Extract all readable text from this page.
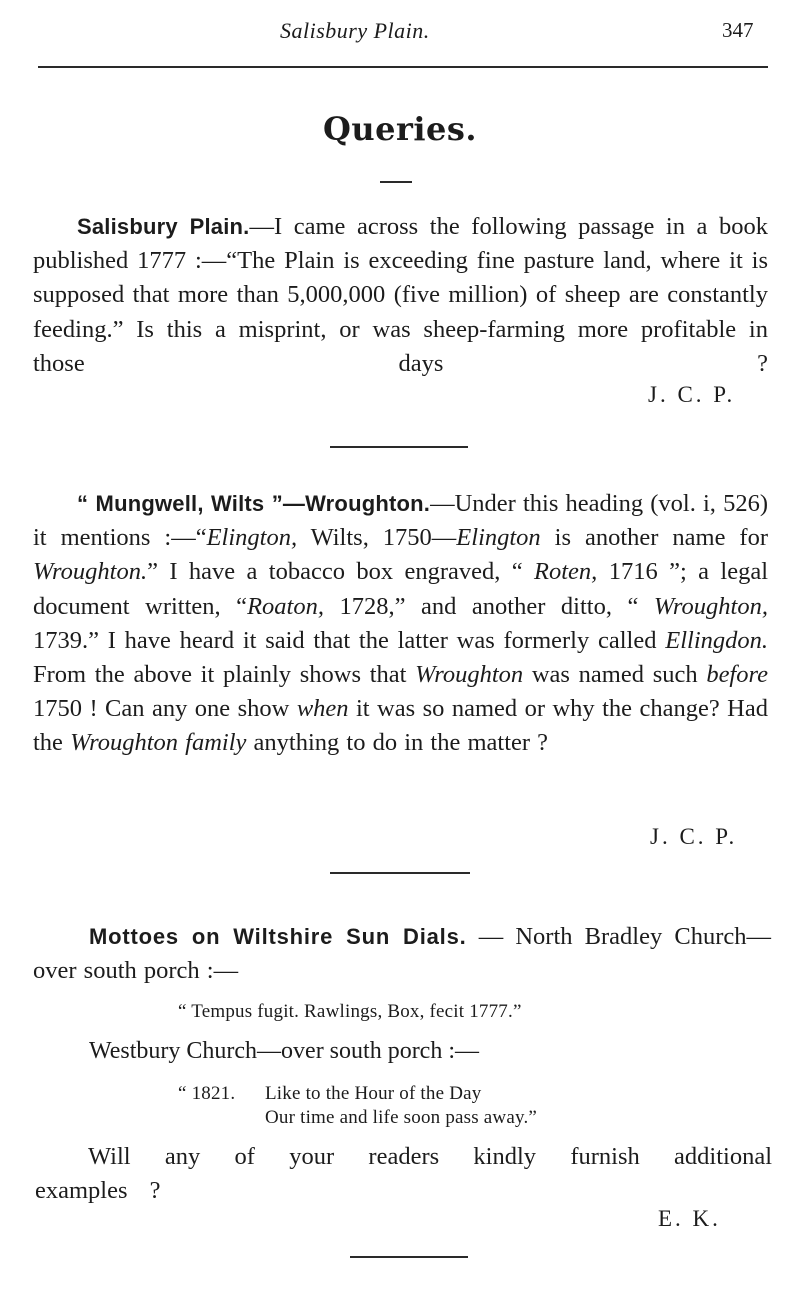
Salisbury Plain.	347
Queries.

Salisbury Plain.—I came across the following passage in a book published 1777 :—“The Plain is exceeding fine pasture land, where it is supposed that more than 5,000,000 (five million) of sheep are constantly feeding.” Is this a misprint, or was sheep-farming more profitable in those days ?

J. C. P.

“ Mungwell, Wilts ”—Wroughton.—Under this heading (vol. i, 526) it mentions :—“Elington, Wilts, 1750—Elington is another name for Wroughton.” I have a tobacco box engraved, “ Roten, 1716 ”; a legal document written, “Roaton, 1728,” and another ditto, “ Wroughton, 1739.” I have heard it said that the latter was formerly called Ellingdon. From the above it plainly shows that Wroughton was named such before 1750 ! Can any one show when it was so named or why the change? Had the Wroughton family anything to do in the matter ?

J. C. P.

Mottoes on Wiltshire Sun Dials. — North Bradley Church—over south porch :—

“ Tempus fugit. Rawlings, Box, fecit 1777.”
Westbury Church—over south porch :—
“ 1821. Like to the Hour of the Day
Our time and life soon pass away.”

Will any of your readers kindly furnish additional examples ?

E. K.
